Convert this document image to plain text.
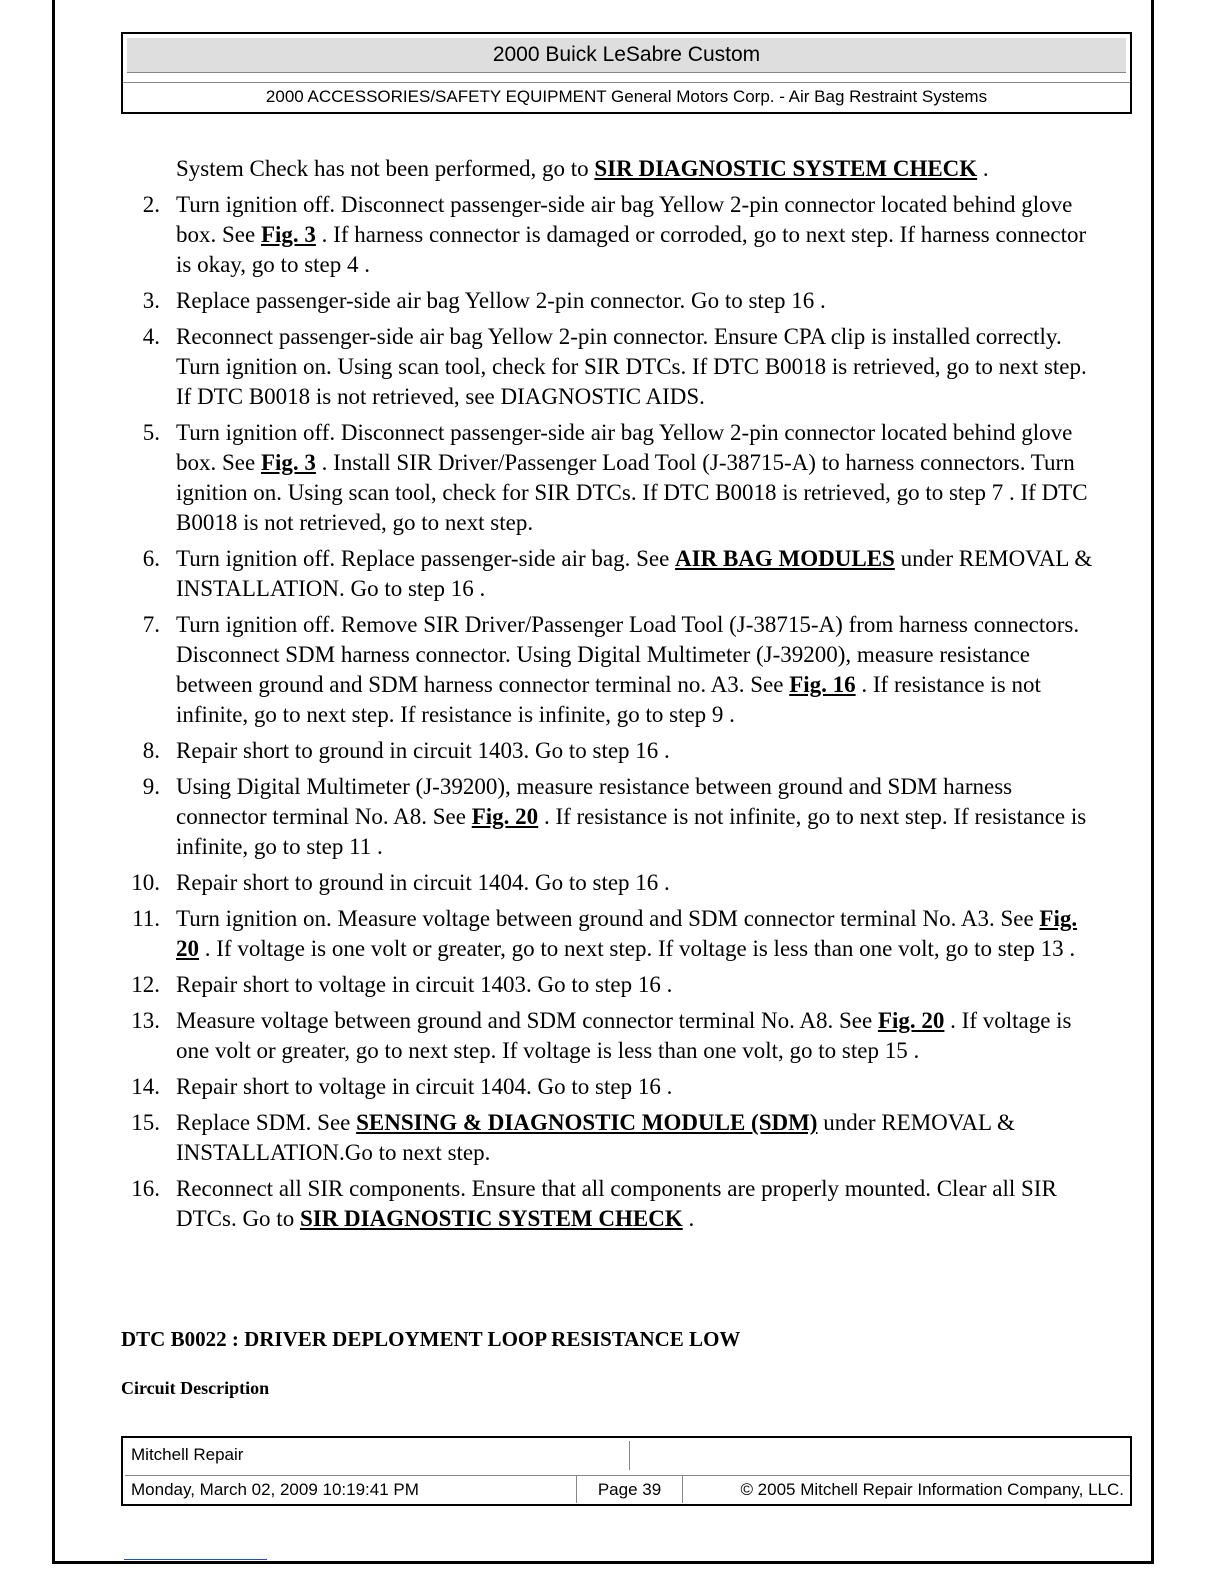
2000 Buick LeSabre Custom
2000 ACCESSORIES/SAFETY EQUIPMENT General Motors Corp. - Air Bag Restraint Systems
System Check has not been performed, go to SIR DIAGNOSTIC SYSTEM CHECK .
2. Turn ignition off. Disconnect passenger-side air bag Yellow 2-pin connector located behind glove box. See Fig. 3 . If harness connector is damaged or corroded, go to next step. If harness connector is okay, go to step 4 .
3. Replace passenger-side air bag Yellow 2-pin connector. Go to step 16 .
4. Reconnect passenger-side air bag Yellow 2-pin connector. Ensure CPA clip is installed correctly. Turn ignition on. Using scan tool, check for SIR DTCs. If DTC B0018 is retrieved, go to next step. If DTC B0018 is not retrieved, see DIAGNOSTIC AIDS.
5. Turn ignition off. Disconnect passenger-side air bag Yellow 2-pin connector located behind glove box. See Fig. 3 . Install SIR Driver/Passenger Load Tool (J-38715-A) to harness connectors. Turn ignition on. Using scan tool, check for SIR DTCs. If DTC B0018 is retrieved, go to step 7 . If DTC B0018 is not retrieved, go to next step.
6. Turn ignition off. Replace passenger-side air bag. See AIR BAG MODULES under REMOVAL & INSTALLATION. Go to step 16 .
7. Turn ignition off. Remove SIR Driver/Passenger Load Tool (J-38715-A) from harness connectors. Disconnect SDM harness connector. Using Digital Multimeter (J-39200), measure resistance between ground and SDM harness connector terminal no. A3. See Fig. 16 . If resistance is not infinite, go to next step. If resistance is infinite, go to step 9 .
8. Repair short to ground in circuit 1403. Go to step 16 .
9. Using Digital Multimeter (J-39200), measure resistance between ground and SDM harness connector terminal No. A8. See Fig. 20 . If resistance is not infinite, go to next step. If resistance is infinite, go to step 11 .
10. Repair short to ground in circuit 1404. Go to step 16 .
11. Turn ignition on. Measure voltage between ground and SDM connector terminal No. A3. See Fig. 20 . If voltage is one volt or greater, go to next step. If voltage is less than one volt, go to step 13 .
12. Repair short to voltage in circuit 1403. Go to step 16 .
13. Measure voltage between ground and SDM connector terminal No. A8. See Fig. 20 . If voltage is one volt or greater, go to next step. If voltage is less than one volt, go to step 15 .
14. Repair short to voltage in circuit 1404. Go to step 16 .
15. Replace SDM. See SENSING & DIAGNOSTIC MODULE (SDM) under REMOVAL & INSTALLATION.Go to next step.
16. Reconnect all SIR components. Ensure that all components are properly mounted. Clear all SIR DTCs. Go to SIR DIAGNOSTIC SYSTEM CHECK .
DTC B0022 : DRIVER DEPLOYMENT LOOP RESISTANCE LOW
Circuit Description
Mitchell Repair
Monday, March 02, 2009 10:19:41 PM	Page 39	© 2005 Mitchell Repair Information Company, LLC.
